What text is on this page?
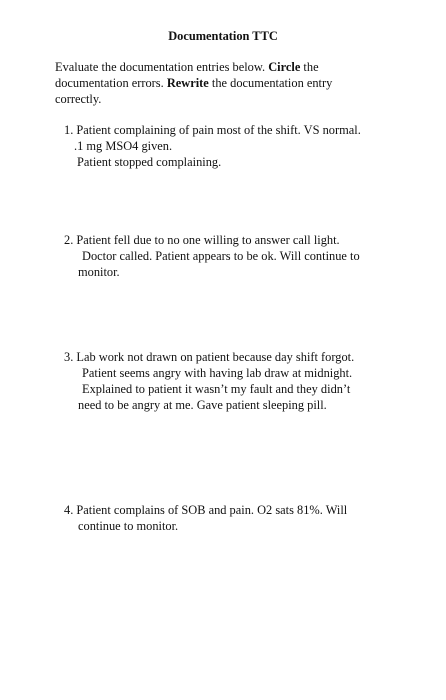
Documentation TTC
Evaluate the documentation entries below. Circle the documentation errors. Rewrite the documentation entry correctly.
1. Patient complaining of pain most of the shift. VS normal.
.1 mg MSO4 given.
Patient stopped complaining.
2. Patient fell due to no one willing to answer call light.
Doctor called. Patient appears to be ok. Will continue to
monitor.
3. Lab work not drawn on patient because day shift forgot.
Patient seems angry with having lab draw at midnight.
Explained to patient it wasn’t my fault and they didn’t
need to be angry at me. Gave patient sleeping pill.
4. Patient complains of SOB and pain. O2 sats 81%. Will
continue to monitor.
